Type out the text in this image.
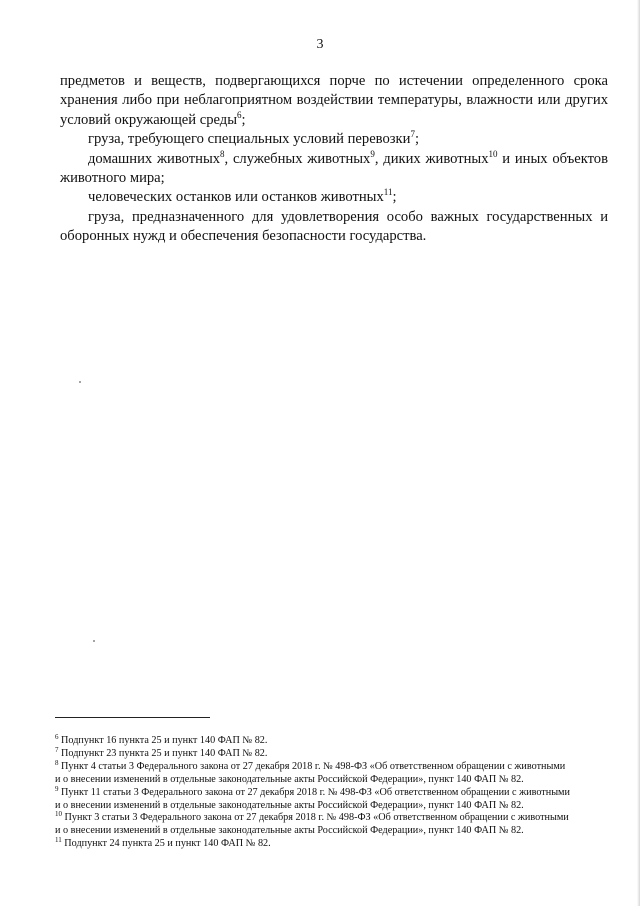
3

предметов и веществ, подвергающихся порче по истечении определенного срока хранения либо при неблагоприятном воздействии температуры, влажности или других условий окружающей среды$^6$;

груза, требующего специальных условий перевозки$^7$;

домашних животных$^8$, служебных животных$^9$, диких животных$^{10}$ и иных объектов животного мира;

человеческих останков или останков животных$^{11}$;

груза, предназначенного для удовлетворения особо важных государственных и оборонных нужд и обеспечения безопасности государства.

$^6$ Подпункт 16 пункта 25 и пункт 140 ФАП № 82.

$^7$ Подпункт 23 пункта 25 и пункт 140 ФАП № 82.

$^8$ Пункт 4 статьи 3 Федерального закона от 27 декабря 2018 г. № 498-ФЗ «Об ответственном обращении с животными
и о внесении изменений в отдельные законодательные акты Российской Федерации», пункт 140 ФАП № 82.

$^9$ Пункт 11 статьи 3 Федерального закона от 27 декабря 2018 г. № 498-ФЗ «Об ответственном обращении с животными
и о внесении изменений в отдельные законодательные акты Российской Федерации», пункт 140 ФАП № 82.

$^{10}$ Пункт 3 статьи 3 Федерального закона от 27 декабря 2018 г. № 498-ФЗ «Об ответственном обращении с животными
и о внесении изменений в отдельные законодательные акты Российской Федерации», пункт 140 ФАП № 82.

$^{11}$ Подпункт 24 пункта 25 и пункт 140 ФАП № 82.
